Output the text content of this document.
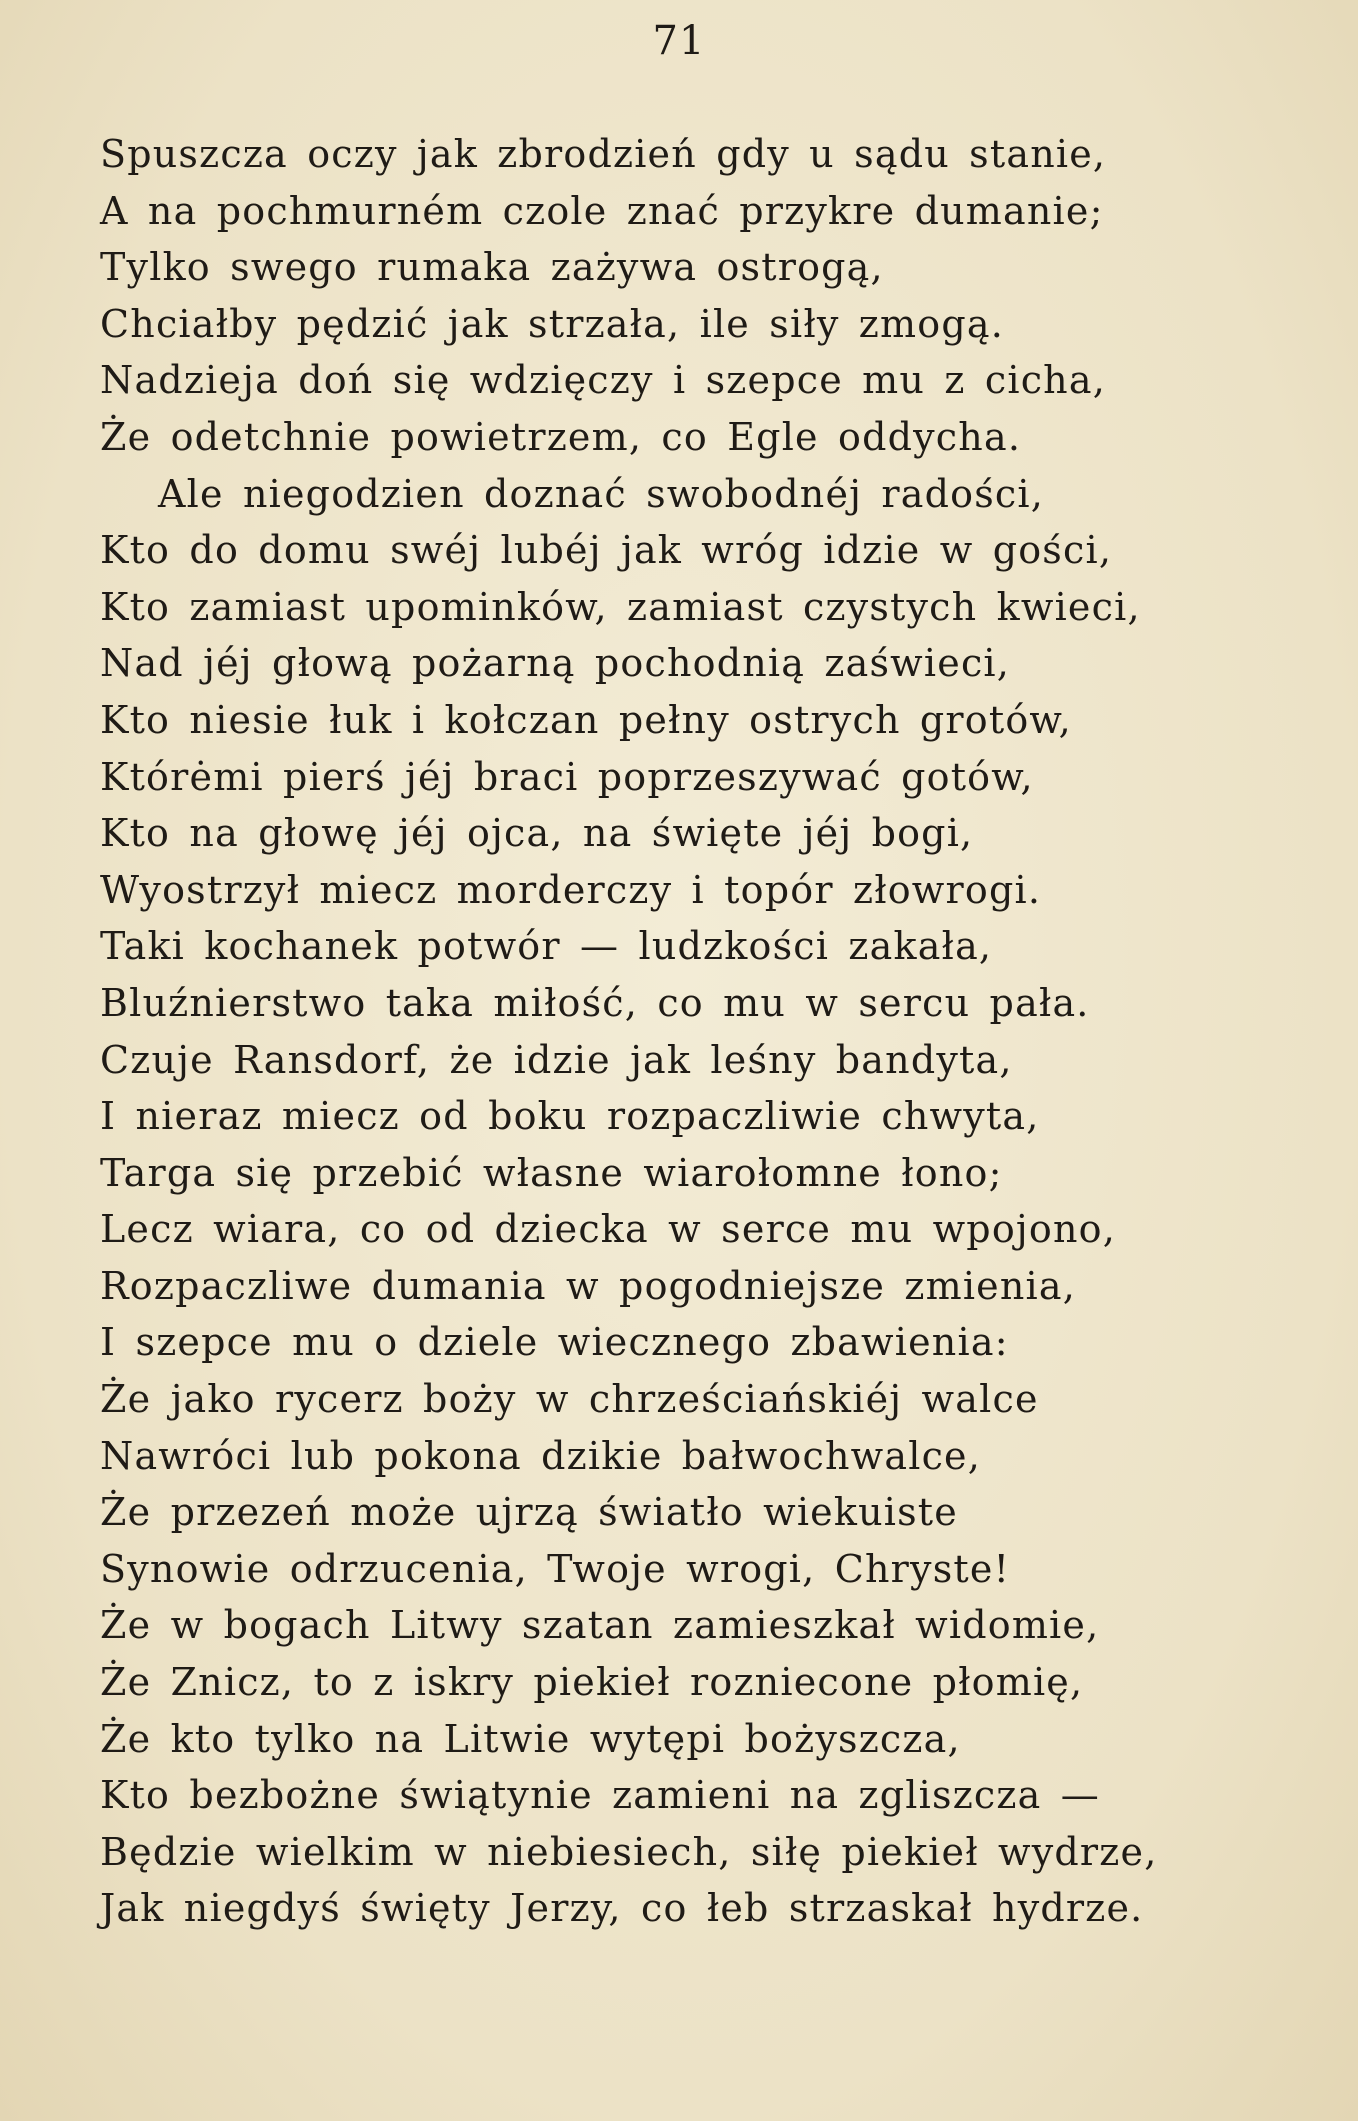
71
Spuszcza oczy jak zbrodzień gdy u sądu stanie,
A na pochmurném czole znać przykre dumanie;
Tylko swego rumaka zażywa ostrogą,
Chciałby pędzić jak strzała, ile siły zmogą.
Nadzieja doń się wdzięczy i szepce mu z cicha,
Że odetchnie powietrzem, co Egle oddycha.
Ale niegodzien doznać swobodnéj radości,
Kto do domu swéj lubéj jak wróg idzie w gości,
Kto zamiast upominków, zamiast czystych kwieci,
Nad jéj głową pożarną pochodnią zaświeci,
Kto niesie łuk i kołczan pełny ostrych grotów,
Którėmi pierś jéj braci poprzeszywać gotów,
Kto na głowę jéj ojca, na święte jéj bogi,
Wyostrzył miecz morderczy i topór złowrogi.
Taki kochanek potwór — ludzkości zakała,
Bluźnierstwo taka miłość, co mu w sercu pała.
Czuje Ransdorf, że idzie jak leśny bandyta,
I nieraz miecz od boku rozpaczliwie chwyta,
Targa się przebić własne wiarołomne łono;
Lecz wiara, co od dziecka w serce mu wpojono,
Rozpaczliwe dumania w pogodniejsze zmienia,
I szepce mu o dziele wiecznego zbawienia:
Że jako rycerz boży w chrześciańskiéj walce
Nawróci lub pokona dzikie bałwochwalce,
Że przezeń może ujrzą światło wiekuiste
Synowie odrzucenia, Twoje wrogi, Chryste!
Że w bogach Litwy szatan zamieszkał widomie,
Że Znicz, to z iskry piekieł rozniecone płomię,
Że kto tylko na Litwie wytępi bożyszcza,
Kto bezbożne świątynie zamieni na zgliszcza —
Będzie wielkim w niebiesiech, siłę piekieł wydrze,
Jak niegdyś święty Jerzy, co łeb strzaskał hydrze.
